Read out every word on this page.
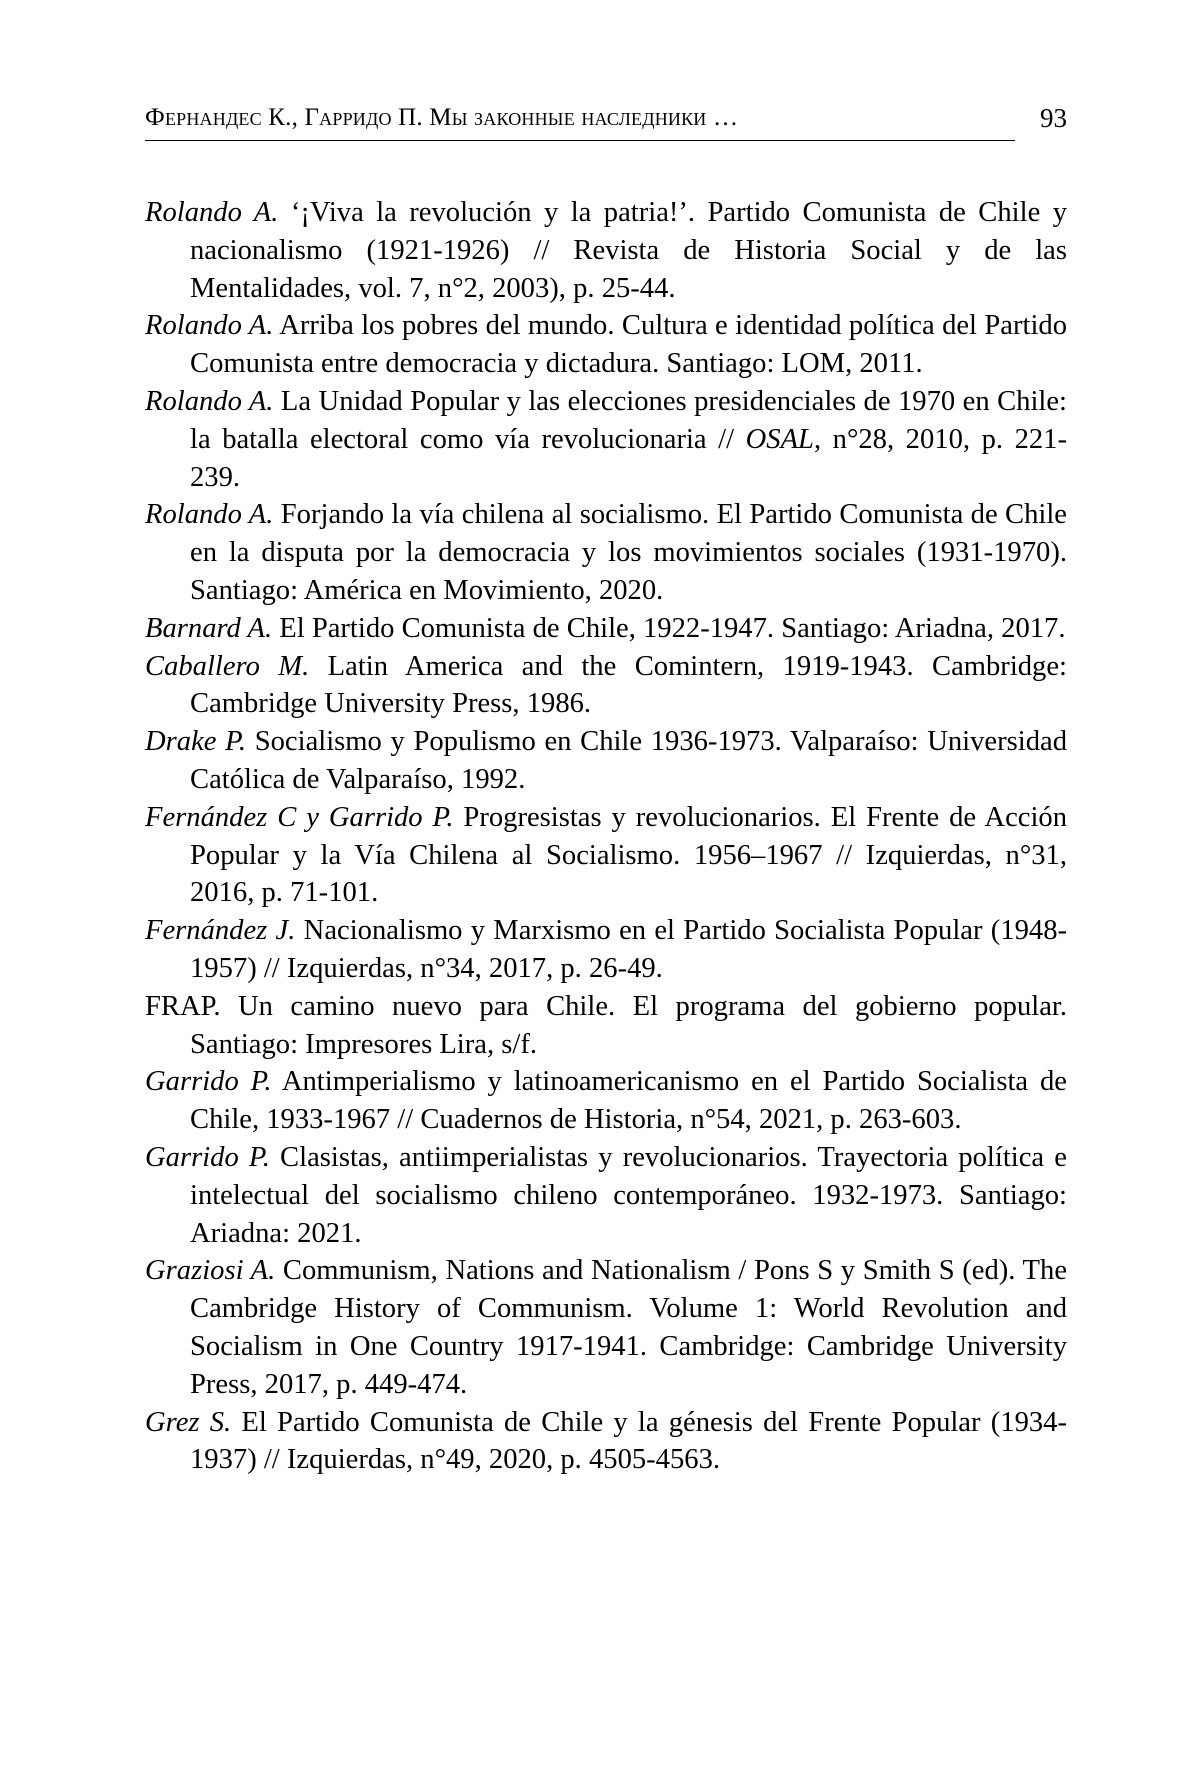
Фернандес К., Гарридо П. Мы законные наследники …	93
Rolando A. ‘¡Viva la revolución y la patria!’. Partido Comunista de Chile y nacionalismo (1921-1926) // Revista de Historia Social y de las Mentalidades, vol. 7, n°2, 2003), p. 25-44.
Rolando A. Arriba los pobres del mundo. Cultura e identidad política del Partido Comunista entre democracia y dictadura. Santiago: LOM, 2011.
Rolando A. La Unidad Popular y las elecciones presidenciales de 1970 en Chile: la batalla electoral como vía revolucionaria // OSAL, n°28, 2010, p. 221-239.
Rolando A. Forjando la vía chilena al socialismo. El Partido Comunista de Chile en la disputa por la democracia y los movimientos sociales (1931-1970). Santiago: América en Movimiento, 2020.
Barnard A. El Partido Comunista de Chile, 1922-1947. Santiago: Ariadna, 2017.
Caballero M. Latin America and the Comintern, 1919-1943. Cambridge: Cambridge University Press, 1986.
Drake P. Socialismo y Populismo en Chile 1936-1973. Valparaíso: Universidad Católica de Valparaíso, 1992.
Fernández C y Garrido P. Progresistas y revolucionarios. El Frente de Acción Popular y la Vía Chilena al Socialismo. 1956–1967 // Izquierdas, n°31, 2016, p. 71-101.
Fernández J. Nacionalismo y Marxismo en el Partido Socialista Popular (1948-1957) // Izquierdas, n°34, 2017, p. 26-49.
FRAP. Un camino nuevo para Chile. El programa del gobierno popular. Santiago: Impresores Lira, s/f.
Garrido P. Antimperialismo y latinoamericanismo en el Partido Socialista de Chile, 1933-1967 // Cuadernos de Historia, n°54, 2021, p. 263-603.
Garrido P. Clasistas, antiimperialistas y revolucionarios. Trayectoria política e intelectual del socialismo chileno contemporáneo. 1932-1973. Santiago: Ariadna: 2021.
Graziosi A. Communism, Nations and Nationalism / Pons S y Smith S (ed). The Cambridge History of Communism. Volume 1: World Revolution and Socialism in One Country 1917-1941. Cambridge: Cambridge University Press, 2017, p. 449-474.
Grez S. El Partido Comunista de Chile y la génesis del Frente Popular (1934-1937) // Izquierdas, n°49, 2020, p. 4505-4563.
